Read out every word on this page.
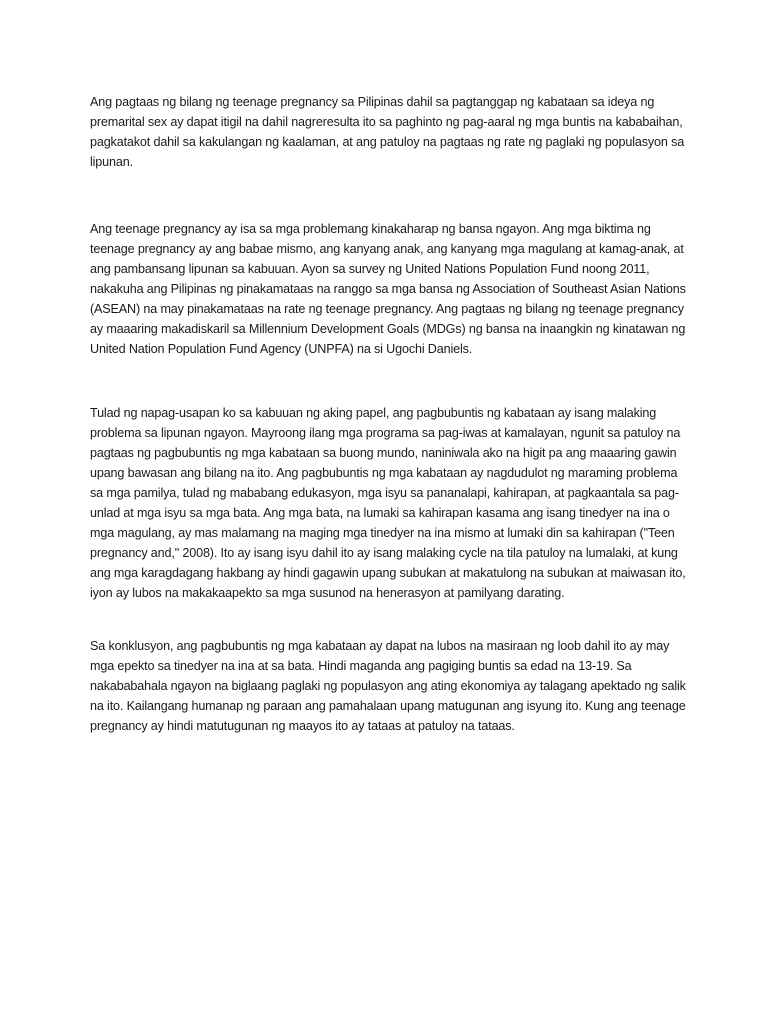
Ang pagtaas ng bilang ng teenage pregnancy sa Pilipinas dahil sa pagtanggap ng kabataan sa ideya ng premarital sex ay dapat itigil na dahil nagreresulta ito sa paghinto ng pag-aaral ng mga buntis na kababaihan, pagkatakot dahil sa kakulangan ng kaalaman, at ang patuloy na pagtaas ng rate ng paglaki ng populasyon sa lipunan.

Ang teenage pregnancy ay isa sa mga problemang kinakaharap ng bansa ngayon. Ang mga biktima ng teenage pregnancy ay ang babae mismo, ang kanyang anak, ang kanyang mga magulang at kamag-anak, at ang pambansang lipunan sa kabuuan. Ayon sa survey ng United Nations Population Fund noong 2011, nakakuha ang Pilipinas ng pinakamataas na ranggo sa mga bansa ng Association of Southeast Asian Nations (ASEAN) na may pinakamataas na rate ng teenage pregnancy. Ang pagtaas ng bilang ng teenage pregnancy ay maaaring makadiskaril sa Millennium Development Goals (MDGs) ng bansa na inaangkin ng kinatawan ng United Nation Population Fund Agency (UNPFA) na si Ugochi Daniels.

Tulad ng napag-usapan ko sa kabuuan ng aking papel, ang pagbubuntis ng kabataan ay isang malaking problema sa lipunan ngayon. Mayroong ilang mga programa sa pag-iwas at kamalayan, ngunit sa patuloy na pagtaas ng pagbubuntis ng mga kabataan sa buong mundo, naniniwala ako na higit pa ang maaaring gawin upang bawasan ang bilang na ito. Ang pagbubuntis ng mga kabataan ay nagdudulot ng maraming problema sa mga pamilya, tulad ng mababang edukasyon, mga isyu sa pananalapi, kahirapan, at pagkaantala sa pag-unlad at mga isyu sa mga bata. Ang mga bata, na lumaki sa kahirapan kasama ang isang tinedyer na ina o mga magulang, ay mas malamang na maging mga tinedyer na ina mismo at lumaki din sa kahirapan ("Teen pregnancy and," 2008). Ito ay isang isyu dahil ito ay isang malaking cycle na tila patuloy na lumalaki, at kung ang mga karagdagang hakbang ay hindi gagawin upang subukan at makatulong na subukan at maiwasan ito, iyon ay lubos na makakaapekto sa mga susunod na henerasyon at pamilyang darating.

Sa konklusyon, ang pagbubuntis ng mga kabataan ay dapat na lubos na masiraan ng loob dahil ito ay may mga epekto sa tinedyer na ina at sa bata. Hindi maganda ang pagiging buntis sa edad na 13-19. Sa nakababahala ngayon na biglaang paglaki ng populasyon ang ating ekonomiya ay talagang apektado ng salik na ito. Kailangang humanap ng paraan ang pamahalaan upang matugunan ang isyung ito. Kung ang teenage pregnancy ay hindi matutugunan ng maayos ito ay tataas at patuloy na tataas.
